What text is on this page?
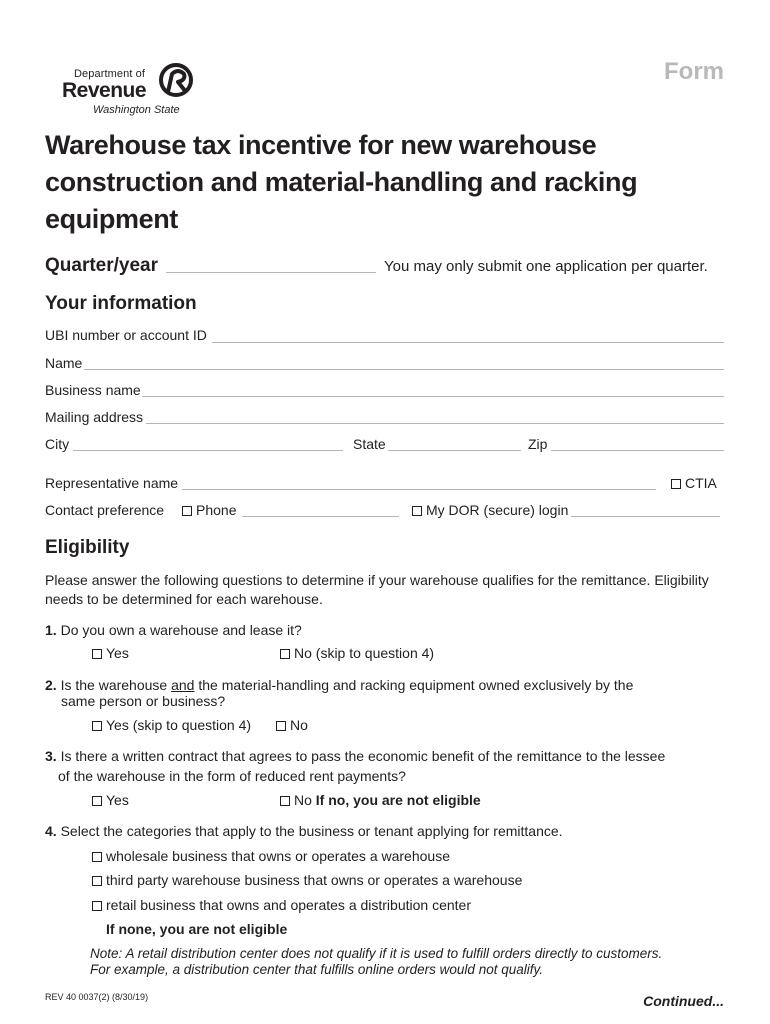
Form
Department of
Revenue
Washington State
Warehouse tax incentive for new warehouse construction and material-handling and racking equipment
Quarter/year	You may only submit one application per quarter.
Your information
UBI number or account ID
Name
Business name
Mailing address
City	State	Zip
Representative name	CTIA
Contact preference	Phone	My DOR (secure) login
Eligibility
Please answer the following questions to determine if your warehouse qualifies for the remittance. Eligibility needs to be determined for each warehouse.
1. Do you own a warehouse and lease it?
Yes	No (skip to question 4)
2. Is the warehouse and the material-handling and racking equipment owned exclusively by the
same person or business?
Yes (skip to question 4)	No
3. Is there a written contract that agrees to pass the economic benefit of the remittance to the lessee
of the warehouse in the form of reduced rent payments?
Yes	No If no, you are not eligible
4. Select the categories that apply to the business or tenant applying for remittance.
wholesale business that owns or operates a warehouse
third party warehouse business that owns or operates a warehouse
retail business that owns and operates a distribution center
If none, you are not eligible
Note: A retail distribution center does not qualify if it is used to fulfill orders directly to customers.
For example, a distribution center that fulfills online orders would not qualify.
REV 40 0037(2) (8/30/19)	Continued...
